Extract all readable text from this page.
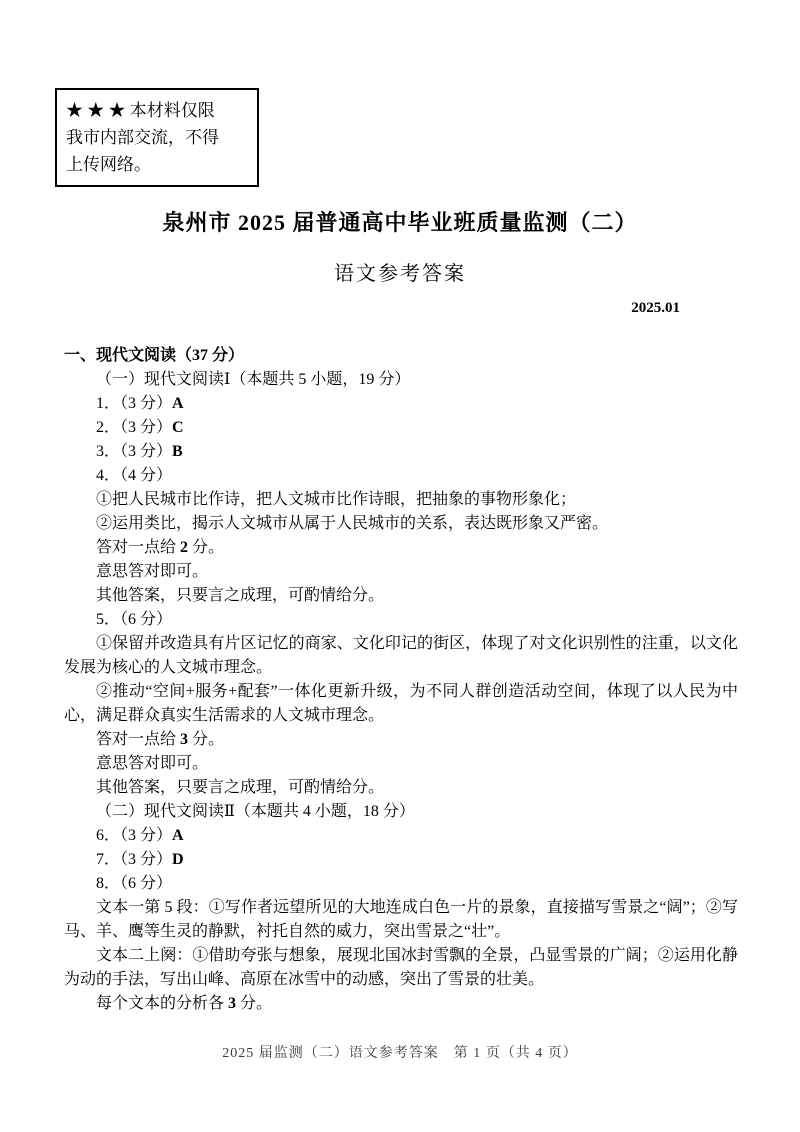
★ ★ ★ 本材料仅限
我市内部交流，不得
上传网络。
泉州市 2025 届普通高中毕业班质量监测（二）
语文参考答案
2025.01

一、现代文阅读（37 分）

（一）现代文阅读Ⅰ（本题共 5 小题，19 分）

1．（3 分）A

2．（3 分）C

3．（3 分）B

4．（4 分）

①把人民城市比作诗，把人文城市比作诗眼，把抽象的事物形象化；

②运用类比，揭示人文城市从属于人民城市的关系，表达既形象又严密。

答对一点给 2 分。

意思答对即可。

其他答案，只要言之成理，可酌情给分。

5．（6 分）

①保留并改造具有片区记忆的商家、文化印记的街区，体现了对文化识别性的注重，以文化发展为核心的人文城市理念。

②推动“空间+服务+配套”一体化更新升级，为不同人群创造活动空间，体现了以人民为中心，满足群众真实生活需求的人文城市理念。

答对一点给 3 分。

意思答对即可。

其他答案，只要言之成理，可酌情给分。

（二）现代文阅读Ⅱ（本题共 4 小题，18 分）

6．（3 分）A

7．（3 分）D

8．（6 分）

文本一第 5 段：①写作者远望所见的大地连成白色一片的景象，直接描写雪景之“阔”；②写马、羊、鹰等生灵的静默，衬托自然的威力，突出雪景之“壮”。

文本二上阕：①借助夸张与想象，展现北国冰封雪飘的全景，凸显雪景的广阔；②运用化静为动的手法，写出山峰、高原在冰雪中的动感，突出了雪景的壮美。

每个文本的分析各 3 分。

2025 届监测（二）语文参考答案　第 1 页（共 4 页）
